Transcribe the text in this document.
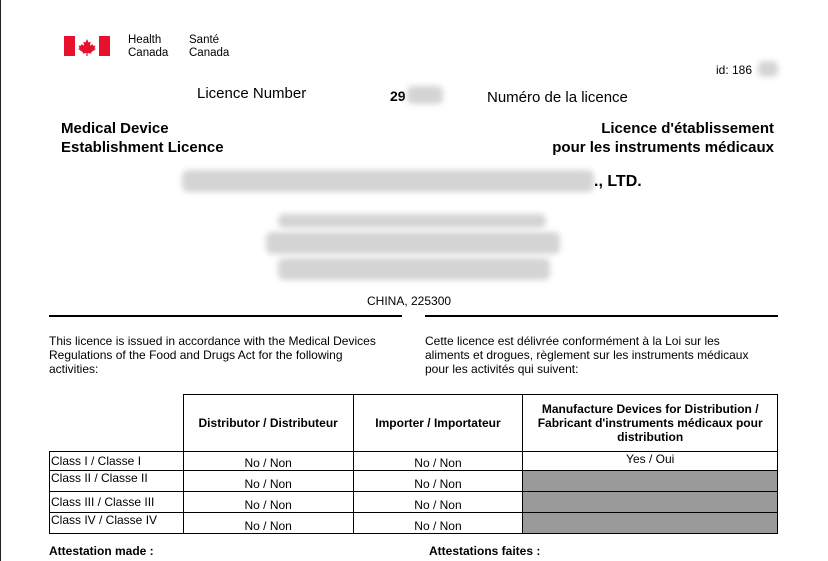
Health
Canada
Santé
Canada
id: 186
Licence Number	29	Numéro de la licence
Medical Device
Establishment Licence
Licence d'établissement
pour les instruments médicaux
., LTD.
CHINA, 225300
This licence is issued in accordance with the Medical Devices Regulations of the Food and Drugs Act for the following activities:
Cette licence est délivrée conformément à la Loi sur les aliments et drogues, règlement sur les instruments médicaux pour les activités qui suivent:
	Distributor / Distributeur	Importer / Importateur	Manufacture Devices for Distribution / Fabricant d'instruments médicaux pour distribution
Class I / Classe I	No / Non	No / Non	Yes / Oui
Class II / Classe II	No / Non	No / Non	
Class III / Classe III	No / Non	No / Non	
Class IV / Classe IV	No / Non	No / Non	
Attestation made :	Attestations faites :
